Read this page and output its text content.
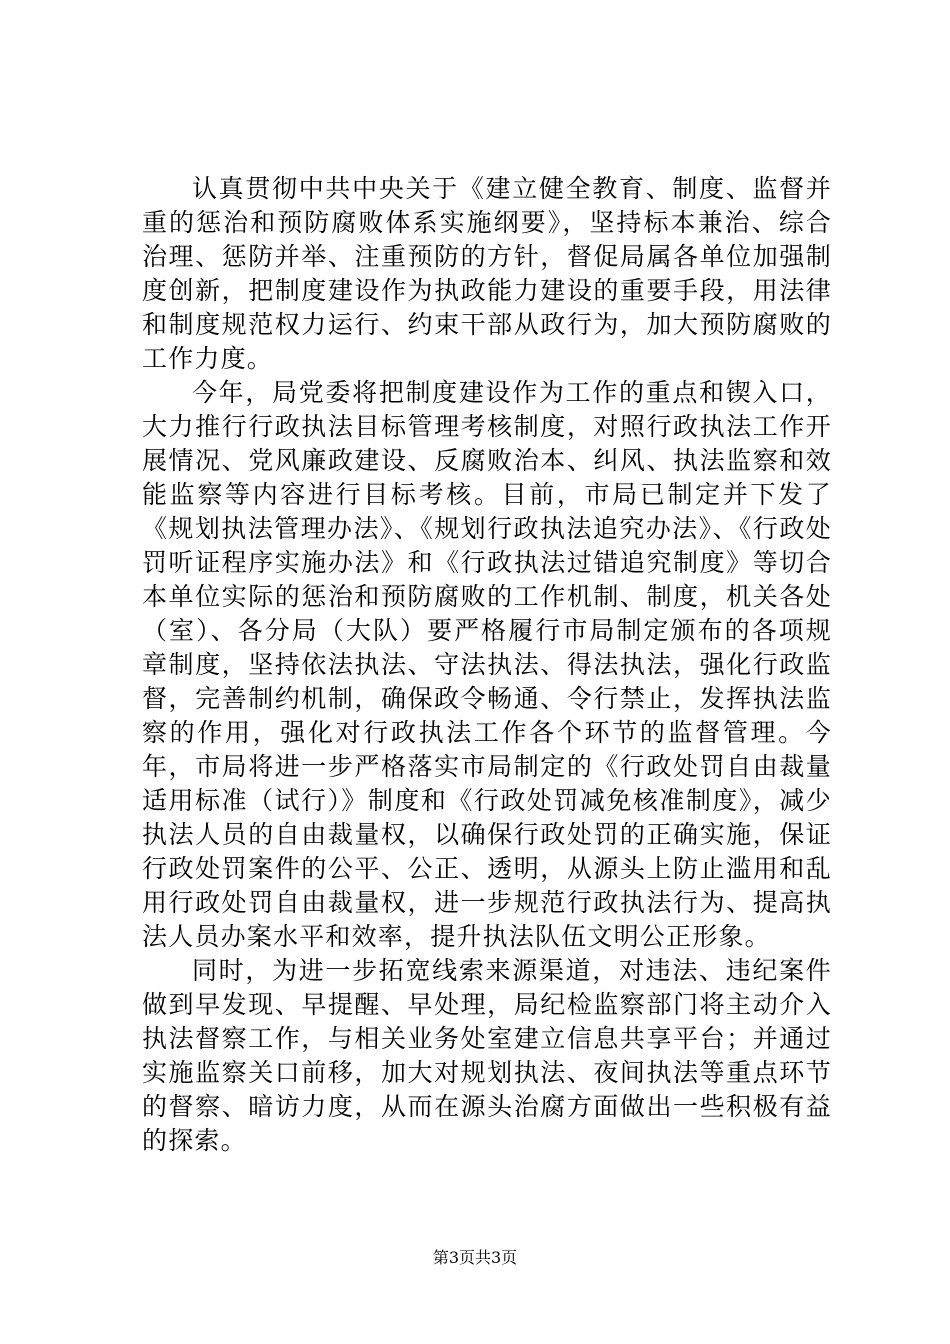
认真贯彻中共中央关于《建立健全教育、制度、监督并重的惩治和预防腐败体系实施纲要》，坚持标本兼治、综合治理、惩防并举、注重预防的方针，督促局属各单位加强制度创新，把制度建设作为执政能力建设的重要手段，用法律和制度规范权力运行、约束干部从政行为，加大预防腐败的工作力度。

今年，局党委将把制度建设作为工作的重点和锲入口，大力推行行政执法目标管理考核制度，对照行政执法工作开展情况、党风廉政建设、反腐败治本、纠风、执法监察和效能监察等内容进行目标考核。目前，市局已制定并下发了《规划执法管理办法》、《规划行政执法追究办法》、《行政处罚听证程序实施办法》和《行政执法过错追究制度》等切合本单位实际的惩治和预防腐败的工作机制、制度，机关各处（室）、各分局（大队）要严格履行市局制定颁布的各项规章制度，坚持依法执法、守法执法、得法执法，强化行政监督，完善制约机制，确保政令畅通、令行禁止，发挥执法监察的作用，强化对行政执法工作各个环节的监督管理。今年，市局将进一步严格落实市局制定的《行政处罚自由裁量适用标准（试行）》制度和《行政处罚减免核准制度》，减少执法人员的自由裁量权，以确保行政处罚的正确实施，保证行政处罚案件的公平、公正、透明，从源头上防止滥用和乱用行政处罚自由裁量权，进一步规范行政执法行为、提高执法人员办案水平和效率，提升执法队伍文明公正形象。

同时，为进一步拓宽线索来源渠道，对违法、违纪案件做到早发现、早提醒、早处理，局纪检监察部门将主动介入执法督察工作，与相关业务处室建立信息共享平台；并通过实施监察关口前移，加大对规划执法、夜间执法等重点环节的督察、暗访力度，从而在源头治腐方面做出一些积极有益的探索。

第3页共3页
